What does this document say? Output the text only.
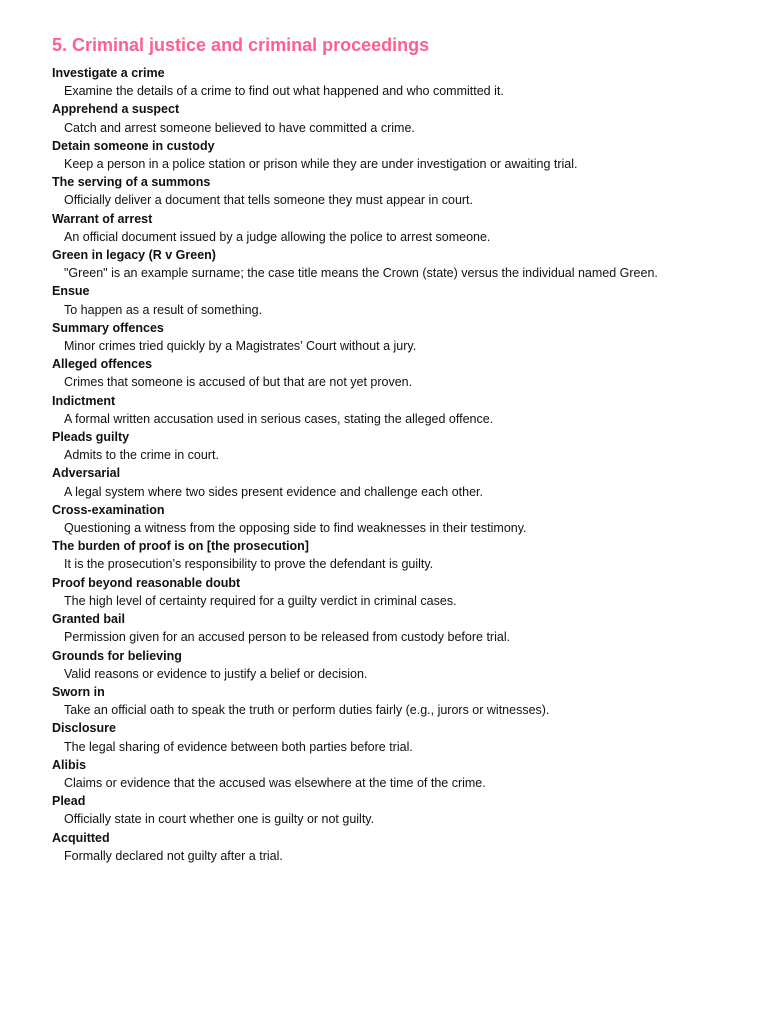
5. Criminal justice and criminal proceedings
Investigate a crime
Examine the details of a crime to find out what happened and who committed it.
Apprehend a suspect
Catch and arrest someone believed to have committed a crime.
Detain someone in custody
Keep a person in a police station or prison while they are under investigation or awaiting trial.
The serving of a summons
Officially deliver a document that tells someone they must appear in court.
Warrant of arrest
An official document issued by a judge allowing the police to arrest someone.
Green in legacy (R v Green)
"Green" is an example surname; the case title means the Crown (state) versus the individual named Green.
Ensue
To happen as a result of something.
Summary offences
Minor crimes tried quickly by a Magistrates’ Court without a jury.
Alleged offences
Crimes that someone is accused of but that are not yet proven.
Indictment
A formal written accusation used in serious cases, stating the alleged offence.
Pleads guilty
Admits to the crime in court.
Adversarial
A legal system where two sides present evidence and challenge each other.
Cross-examination
Questioning a witness from the opposing side to find weaknesses in their testimony.
The burden of proof is on [the prosecution]
It is the prosecution’s responsibility to prove the defendant is guilty.
Proof beyond reasonable doubt
The high level of certainty required for a guilty verdict in criminal cases.
Granted bail
Permission given for an accused person to be released from custody before trial.
Grounds for believing
Valid reasons or evidence to justify a belief or decision.
Sworn in
Take an official oath to speak the truth or perform duties fairly (e.g., jurors or witnesses).
Disclosure
The legal sharing of evidence between both parties before trial.
Alibis
Claims or evidence that the accused was elsewhere at the time of the crime.
Plead
Officially state in court whether one is guilty or not guilty.
Acquitted
Formally declared not guilty after a trial.
